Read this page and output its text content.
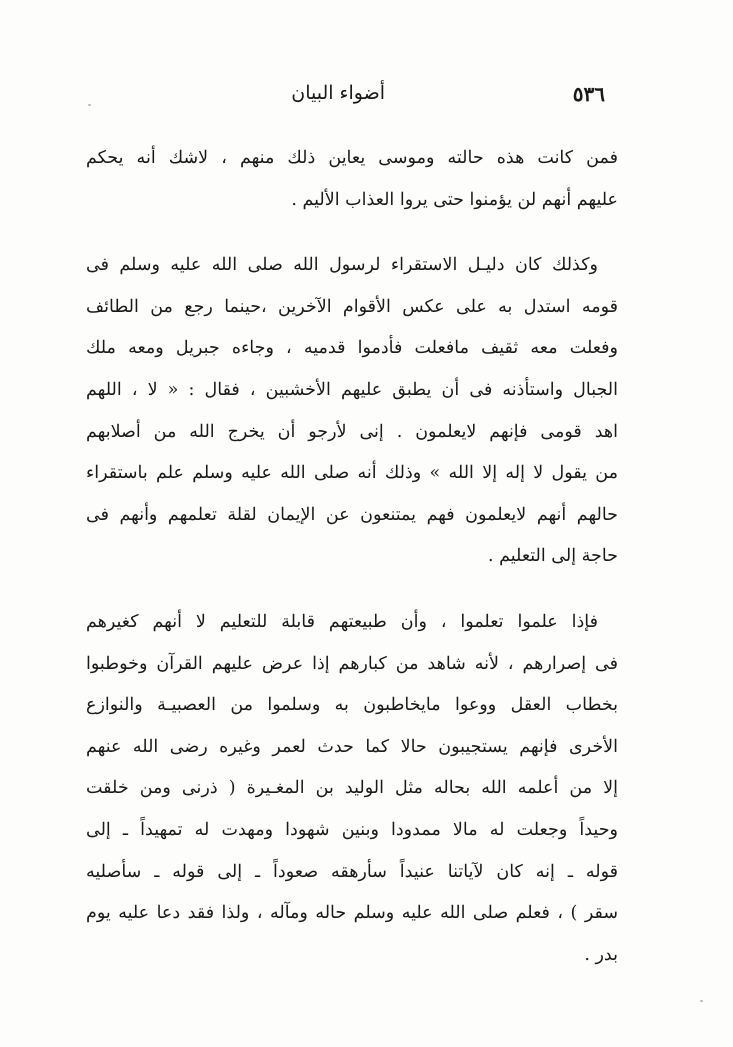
٥٣٦
أضواء البيان

فمن كانت هذه حالته وموسى يعاين ذلك منهم ، لاشك أنه يحكم
عليهم أنهم لن يؤمنوا حتى يروا العذاب الأليم .

وكذلك كان دليـل الاستقراء لرسول الله صلى الله عليه وسلم فى
قومه استدل به على عكس الأقوام الآخرين ،حينما رجع من الطائف
وفعلت معه ثقيف مافعلت فأدموا قدميه ، وجاءه جبريل ومعه ملك
الجبال واستأذنه فى أن يطبق عليهم الأخشبين ، فقال : « لا ، اللهم
اهد قومى فإنهم لايعلمون . إنى لأرجو أن يخرج الله من أصلابهم
من يقول لا إله إلا الله » وذلك أنه صلى الله عليه وسلم علم باستقراء
حالهم أنهم لايعلمون فهم يمتنعون عن الإيمان لقلة تعلمهم وأنهم فى
حاجة إلى التعليم .

فإذا علموا تعلموا ، وأن طبيعتهم قابلة للتعليم لا أنهم كغيرهم
فى إصرارهم ، لأنه شاهد من كبارهم إذا عرض عليهم القرآن وخوطبوا
بخطاب العقل ووعوا مايخاطبون به وسلموا من العصبيـة والنوازع
الأخرى فإنهم يستجيبون حالا كما حدث لعمر وغيره رضى الله عنهم
إلا من أعلمه الله بحاله مثل الوليد بن المغـيرة ( ذرنى ومن خلقت
وحيداً وجعلت له مالا ممدودا وبنين شهودا ومهدت له تمهيداً ـ إلى
قوله ـ إنه كان لآياتنا عنيداً سأرهقه صعوداً ـ إلى قوله ـ سأصليه
سقر ) ، فعلم صلى الله عليه وسلم حاله ومآله ، ولذا فقد دعا عليه يوم
بدر .
